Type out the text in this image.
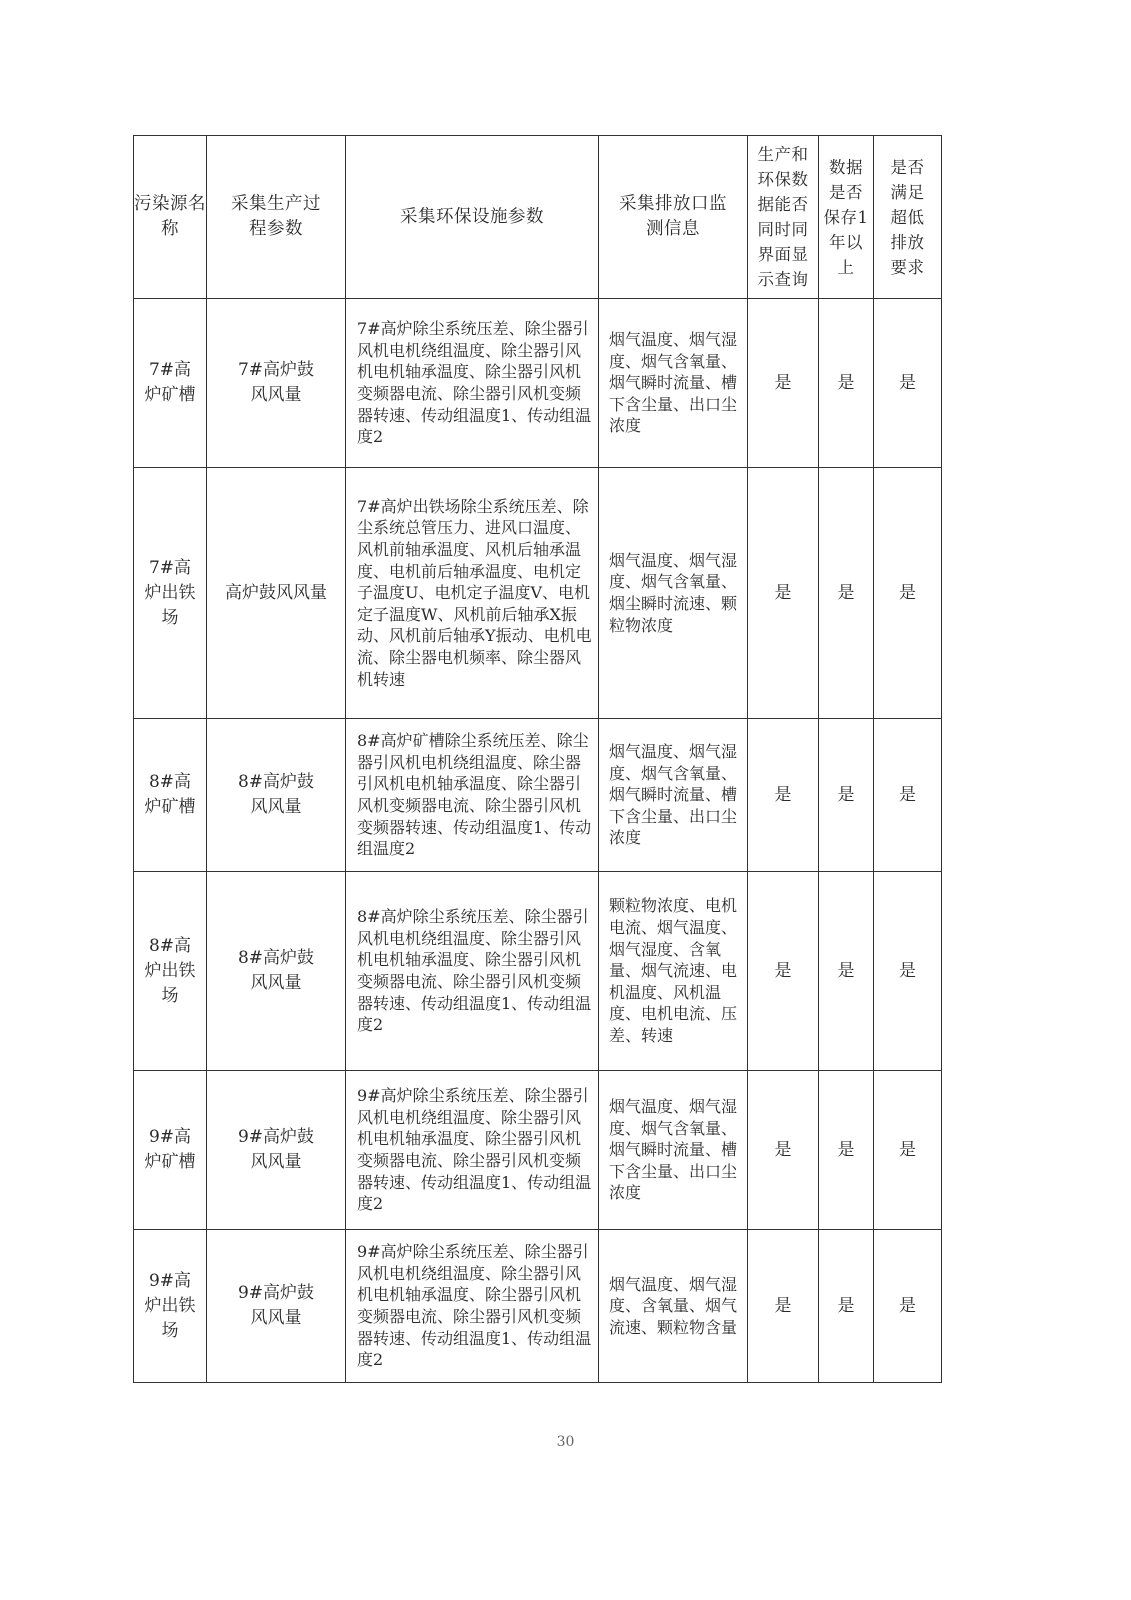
污染源名称	采集生产过程参数	采集环保设施参数	采集排放口监测信息	生产和环保数据能否同时同界面显示查询	数据是否保存1年以上	是否满足超低排放要求
7#高炉矿槽	7#高炉鼓风风量	7#高炉除尘系统压差、除尘器引风机电机绕组温度、除尘器引风机电机轴承温度、除尘器引风机变频器电流、除尘器引风机变频器转速、传动组温度1、传动组温度2	烟气温度、烟气湿度、烟气含氧量、烟气瞬时流量、槽下含尘量、出口尘浓度	是	是	是
7#高炉出铁场	高炉鼓风风量	7#高炉出铁场除尘系统压差、除尘系统总管压力、进风口温度、风机前轴承温度、风机后轴承温度、电机前后轴承温度、电机定子温度U、电机定子温度V、电机定子温度W、风机前后轴承X振动、风机前后轴承Y振动、电机电流、除尘器电机频率、除尘器风机转速	烟气温度、烟气湿度、烟气含氧量、烟尘瞬时流速、颗粒物浓度	是	是	是
8#高炉矿槽	8#高炉鼓风风量	8#高炉矿槽除尘系统压差、除尘器引风机电机绕组温度、除尘器引风机电机轴承温度、除尘器引风机变频器电流、除尘器引风机变频器转速、传动组温度1、传动组温度2	烟气温度、烟气湿度、烟气含氧量、烟气瞬时流量、槽下含尘量、出口尘浓度	是	是	是
8#高炉出铁场	8#高炉鼓风风量	8#高炉除尘系统压差、除尘器引风机电机绕组温度、除尘器引风机电机轴承温度、除尘器引风机变频器电流、除尘器引风机变频器转速、传动组温度1、传动组温度2	颗粒物浓度、电机电流、烟气温度、烟气湿度、含氧量、烟气流速、电机温度、风机温度、电机电流、压差、转速	是	是	是
9#高炉矿槽	9#高炉鼓风风量	9#高炉除尘系统压差、除尘器引风机电机绕组温度、除尘器引风机电机轴承温度、除尘器引风机变频器电流、除尘器引风机变频器转速、传动组温度1、传动组温度2	烟气温度、烟气湿度、烟气含氧量、烟气瞬时流量、槽下含尘量、出口尘浓度	是	是	是
9#高炉出铁场	9#高炉鼓风风量	9#高炉除尘系统压差、除尘器引风机电机绕组温度、除尘器引风机电机轴承温度、除尘器引风机变频器电流、除尘器引风机变频器转速、传动组温度1、传动组温度2	烟气温度、烟气湿度、含氧量、烟气流速、颗粒物含量	是	是	是
30
